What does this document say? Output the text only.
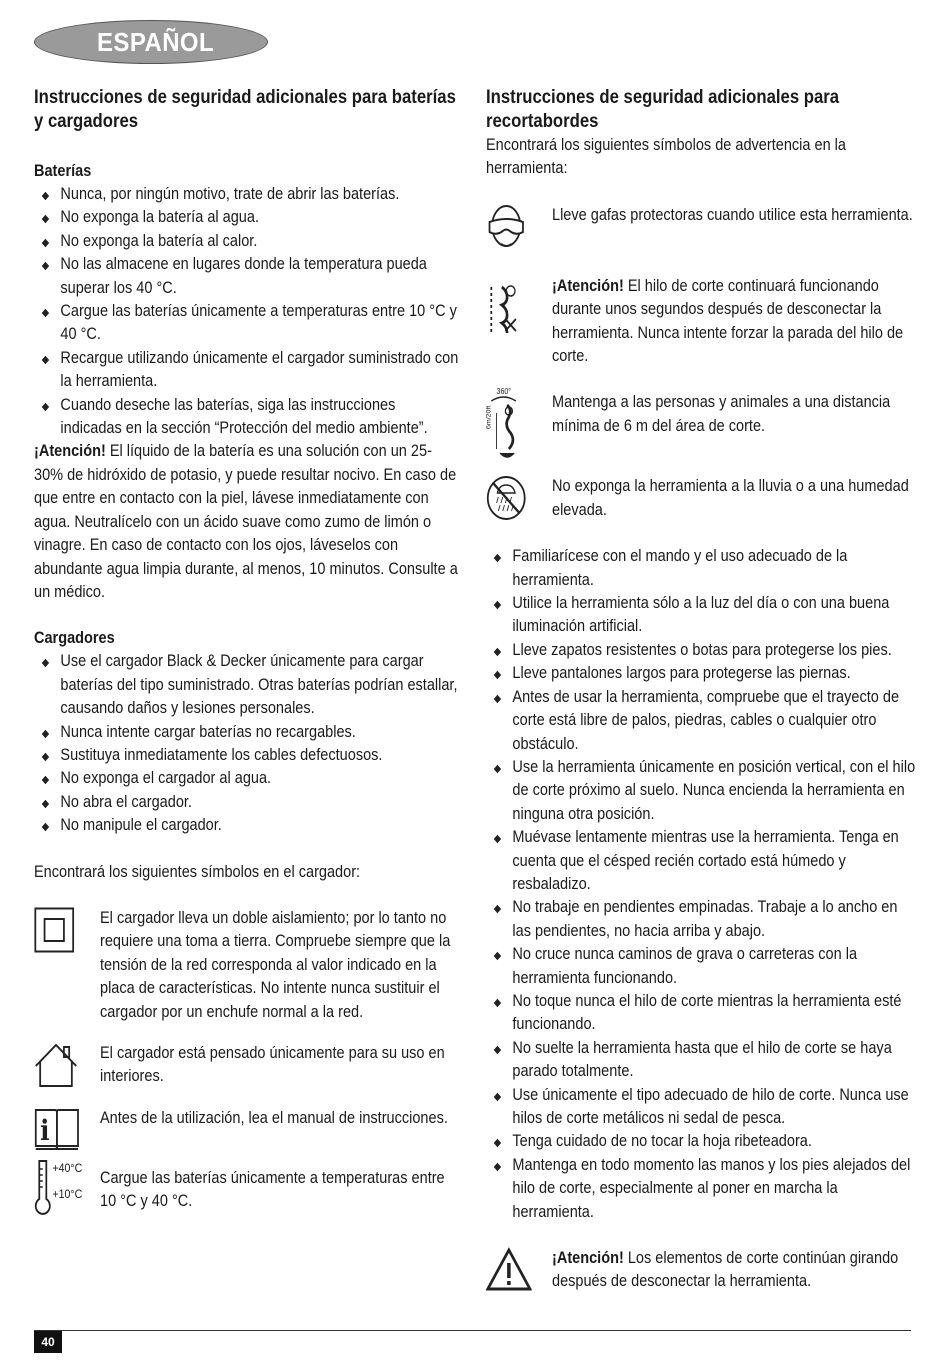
ESPAÑOL
Instrucciones de seguridad adicionales para baterías y cargadores
Baterías
Nunca, por ningún motivo, trate de abrir las baterías.
No exponga la batería al agua.
No exponga la batería al calor.
No las almacene en lugares donde la temperatura pueda superar los 40 °C.
Cargue las baterías únicamente a temperaturas entre 10 °C y 40 °C.
Recargue utilizando únicamente el cargador suministrado con la herramienta.
Cuando deseche las baterías, siga las instrucciones indicadas en la sección “Protección del medio ambiente”.

¡Atención! El líquido de la batería es una solución con un 25-30% de hidróxido de potasio, y puede resultar nocivo. En caso de que entre en contacto con la piel, lávese inmediatamente con agua. Neutralícelo con un ácido suave como zumo de limón o vinagre. En caso de contacto con los ojos, láveselos con abundante agua limpia durante, al menos, 10 minutos. Consulte a un médico.

Cargadores
Use el cargador Black & Decker únicamente para cargar baterías del tipo suministrado. Otras baterías podrían estallar, causando daños y lesiones personales.
Nunca intente cargar baterías no recargables.
Sustituya inmediatamente los cables defectuosos.
No exponga el cargador al agua.
No abra el cargador.
No manipule el cargador.

Encontrará los siguientes símbolos en el cargador:

El cargador lleva un doble aislamiento; por lo tanto no requiere una toma a tierra. Compruebe siempre que la tensión de la red corresponda al valor indicado en la placa de características. No intente nunca sustituir el cargador por un enchufe normal a la red.

El cargador está pensado únicamente para su uso en interiores.

i	Antes de la utilización, lea el manual de instrucciones.

+40°C
+10°C

Cargue las baterías únicamente a temperaturas entre 10 °C y 40 °C.

Instrucciones de seguridad adicionales para recortabordes

Encontrará los siguientes símbolos de advertencia en la herramienta:

Lleve gafas protectoras cuando utilice esta herramienta.

¡Atención! El hilo de corte continuará funcionando durante unos segundos después de desconectar la herramienta. Nunca intente forzar la parada del hilo de corte.

360°
6m/20ft

Mantenga a las personas y animales a una distancia mínima de 6 m del área de corte.

No exponga la herramienta a la lluvia o a una humedad elevada.

Familiarícese con el mando y el uso adecuado de la herramienta.
Utilice la herramienta sólo a la luz del día o con una buena iluminación artificial.
Lleve zapatos resistentes o botas para protegerse los pies.
Lleve pantalones largos para protegerse las piernas.
Antes de usar la herramienta, compruebe que el trayecto de corte está libre de palos, piedras, cables o cualquier otro obstáculo.
Use la herramienta únicamente en posición vertical, con el hilo de corte próximo al suelo. Nunca encienda la herramienta en ninguna otra posición.
Muévase lentamente mientras use la herramienta. Tenga en cuenta que el césped recién cortado está húmedo y resbaladizo.
No trabaje en pendientes empinadas. Trabaje a lo ancho en las pendientes, no hacia arriba y abajo.
No cruce nunca caminos de grava o carreteras con la herramienta funcionando.
No toque nunca el hilo de corte mientras la herramienta esté funcionando.
No suelte la herramienta hasta que el hilo de corte se haya parado totalmente.
Use únicamente el tipo adecuado de hilo de corte. Nunca use hilos de corte metálicos ni sedal de pesca.
Tenga cuidado de no tocar la hoja ribeteadora.
Mantenga en todo momento las manos y los pies alejados del hilo de corte, especialmente al poner en marcha la herramienta.

¡Atención! Los elementos de corte continúan girando después de desconectar la herramienta.

40
